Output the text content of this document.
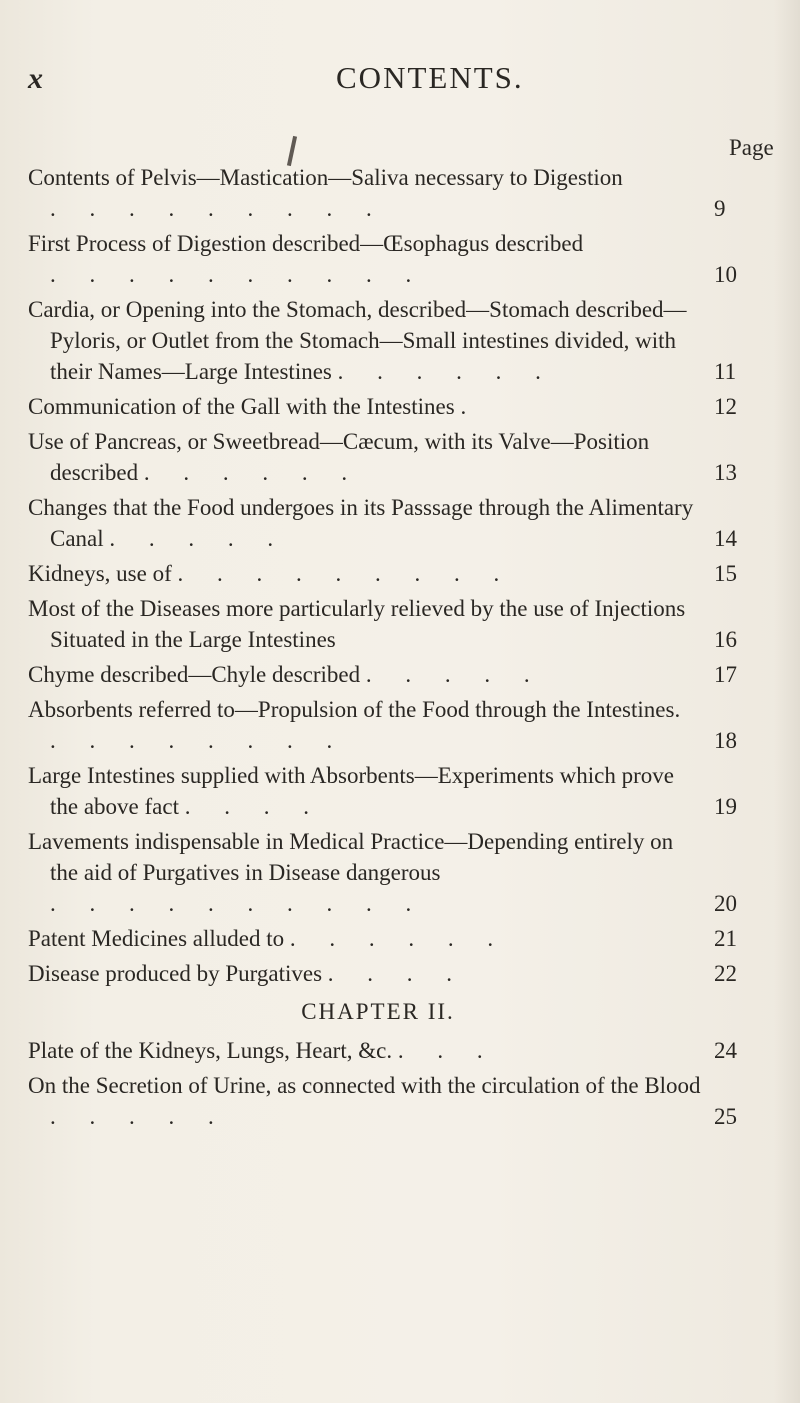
x	CONTENTS.
Page
Contents of Pelvis—Mastication—Saliva necessary to Digestion . . . . . . . . .	9
First Process of Digestion described—Œsophagus described . . . . . . . . . .	10
Cardia, or Opening into the Stomach, described—Stomach described—Pyloris, or Outlet from the Stomach—Small intestines divided, with their Names—Large Intestines . . . . . .	11
Communication of the Gall with the Intestines .	12
Use of Pancreas, or Sweetbread—Cæcum, with its Valve—Position described . . . . . .	13
Changes that the Food undergoes in its Passsage through the Alimentary Canal . . . . .	14
Kidneys, use of . . . . . . . . .	15
Most of the Diseases more particularly relieved by the use of Injections Situated in the Large Intestines	16
Chyme described—Chyle described . . . . .	17
Absorbents referred to—Propulsion of the Food through the Intestines. . . . . . . . .	18
Large Intestines supplied with Absorbents—Experiments which prove the above fact . . . .	19
Lavements indispensable in Medical Practice—Depending entirely on the aid of Purgatives in Disease dangerous . . . . . . . . . .	20
Patent Medicines alluded to . . . . . .	21
Disease produced by Purgatives . . . .	22
CHAPTER II.
Plate of the Kidneys, Lungs, Heart, &c. . . .	24
On the Secretion of Urine, as connected with the circulation of the Blood . . . . .	25
